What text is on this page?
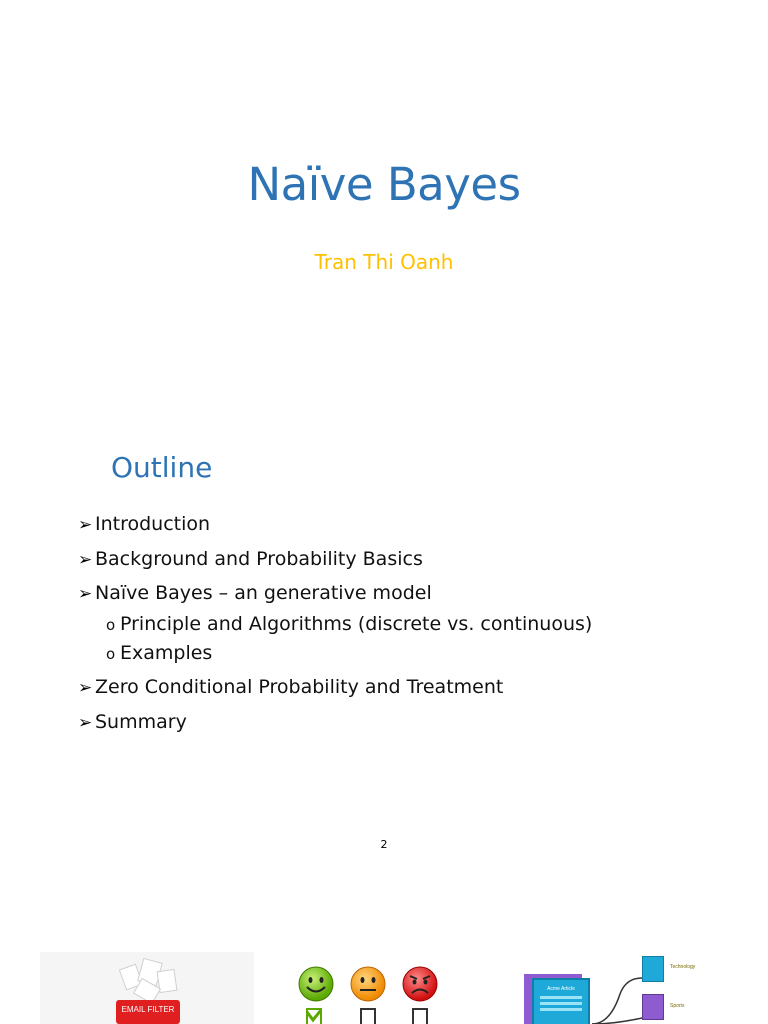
Naïve Bayes
Tran Thi Oanh
Outline
➢ Introduction
➢ Background and Probability Basics
➢ Naïve Bayes – an generative model
o Principle and Algorithms (discrete vs. continuous)
o Examples
➢ Zero Conditional Probability and Treatment
➢ Summary
2
EMAIL FILTER
Acme Article
Technology
Sports
